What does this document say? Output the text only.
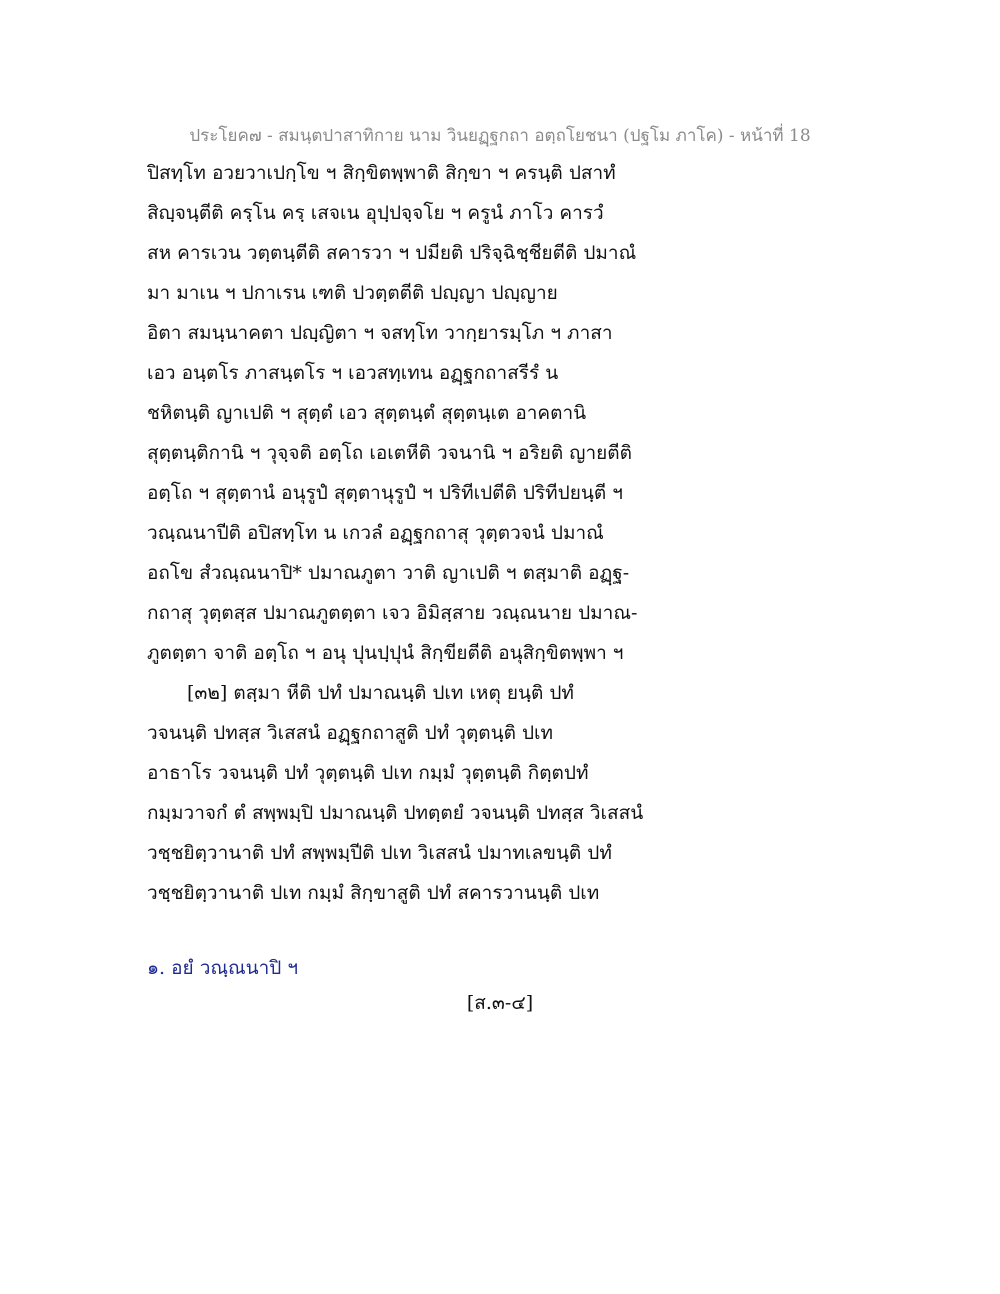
ประโยค๗ - สมนฺตปาสาทิกาย นาม วินยฏฺฐกถา อตฺถโยชนา (ปฐโม ภาโค) - หน้าที่ 18
ปิสทฺโท อวยวาเปกฺโข ฯ สิกฺขิตพฺพาติ สิกฺขา ฯ ครนฺติ ปสาทํ
สิญฺจนฺตีติ ครฺโน ครฺ เสจเน อุปฺปจฺจโย ฯ ครูนํ ภาโว คารวํ
สห คารเวน วตฺตนฺตีติ สคารวา ฯ ปมียติ ปริจฺฉิชฺชียตีติ ปมาณํ
มา มาเน ฯ ปกาเรน เฑติ ปวตฺตตีติ ปญฺญา ปญฺญาย
อิตา สมนฺนาคตา ปญฺญิตา ฯ จสทฺโท วากฺยารมฺโภ ฯ ภาสา
เอว อนฺตโร ภาสนฺตโร ฯ เอวสทฺเทน อฏฺฐกถาสรีรํ น
ชหิตนฺติ ญาเปติ ฯ สุตฺตํ เอว สุตฺตนฺตํ สุตฺตนฺเต อาคตานิ
สุตฺตนฺติกานิ ฯ วุจฺจติ อตฺโถ เอเตหีติ วจนานิ ฯ อริยติ ญายตีติ
อตฺโถ ฯ สุตฺตานํ อนุรูปํ สุตฺตานุรูปํ ฯ ปริทีเปตีติ ปริทีปยนฺตี ฯ
วณฺณนาปีติ อปิสทฺโท น เกวลํ อฏฺฐกถาสุ วุตฺตวจนํ ปมาณํ
อถโข สํวณฺณนาปิ* ปมาณภูตา วาติ ญาเปติ ฯ ตสฺมาติ อฏฺฐ-
กถาสุ วุตฺตสฺส ปมาณภูตตฺตา เจว อิมิสฺสาย วณฺณนาย ปมาณ-
ภูตตฺตา จาติ อตฺโถ ฯ อนุ ปุนปฺปุนํ สิกฺขียตีติ อนุสิกฺขิตพฺพา ฯ
[๓๒] ตสฺมา หีติ ปทํ ปมาณนฺติ ปเท เหตุ ยนฺติ ปทํ
วจนนฺติ ปทสฺส วิเสสนํ อฏฺฐกถาสูติ ปทํ วุตฺตนฺติ ปเท
อาธาโร วจนนฺติ ปทํ วุตฺตนฺติ ปเท กมฺมํ วุตฺตนฺติ กิตฺตปทํ
กมฺมวาจกํ ตํ สพฺพมฺปิ ปมาณนฺติ ปทตฺตยํ วจนนฺติ ปทสฺส วิเสสนํ
วชฺชยิตฺวานาติ ปทํ สพฺพมฺปีติ ปเท วิเสสนํ ปมาทเลขนฺติ ปทํ
วชฺชยิตฺวานาติ ปเท กมฺมํ สิกฺขาสูติ ปทํ สคารวานนฺติ ปเท
๑. อยํ วณฺณนาปิ ฯ
[ส.๓-๔]
